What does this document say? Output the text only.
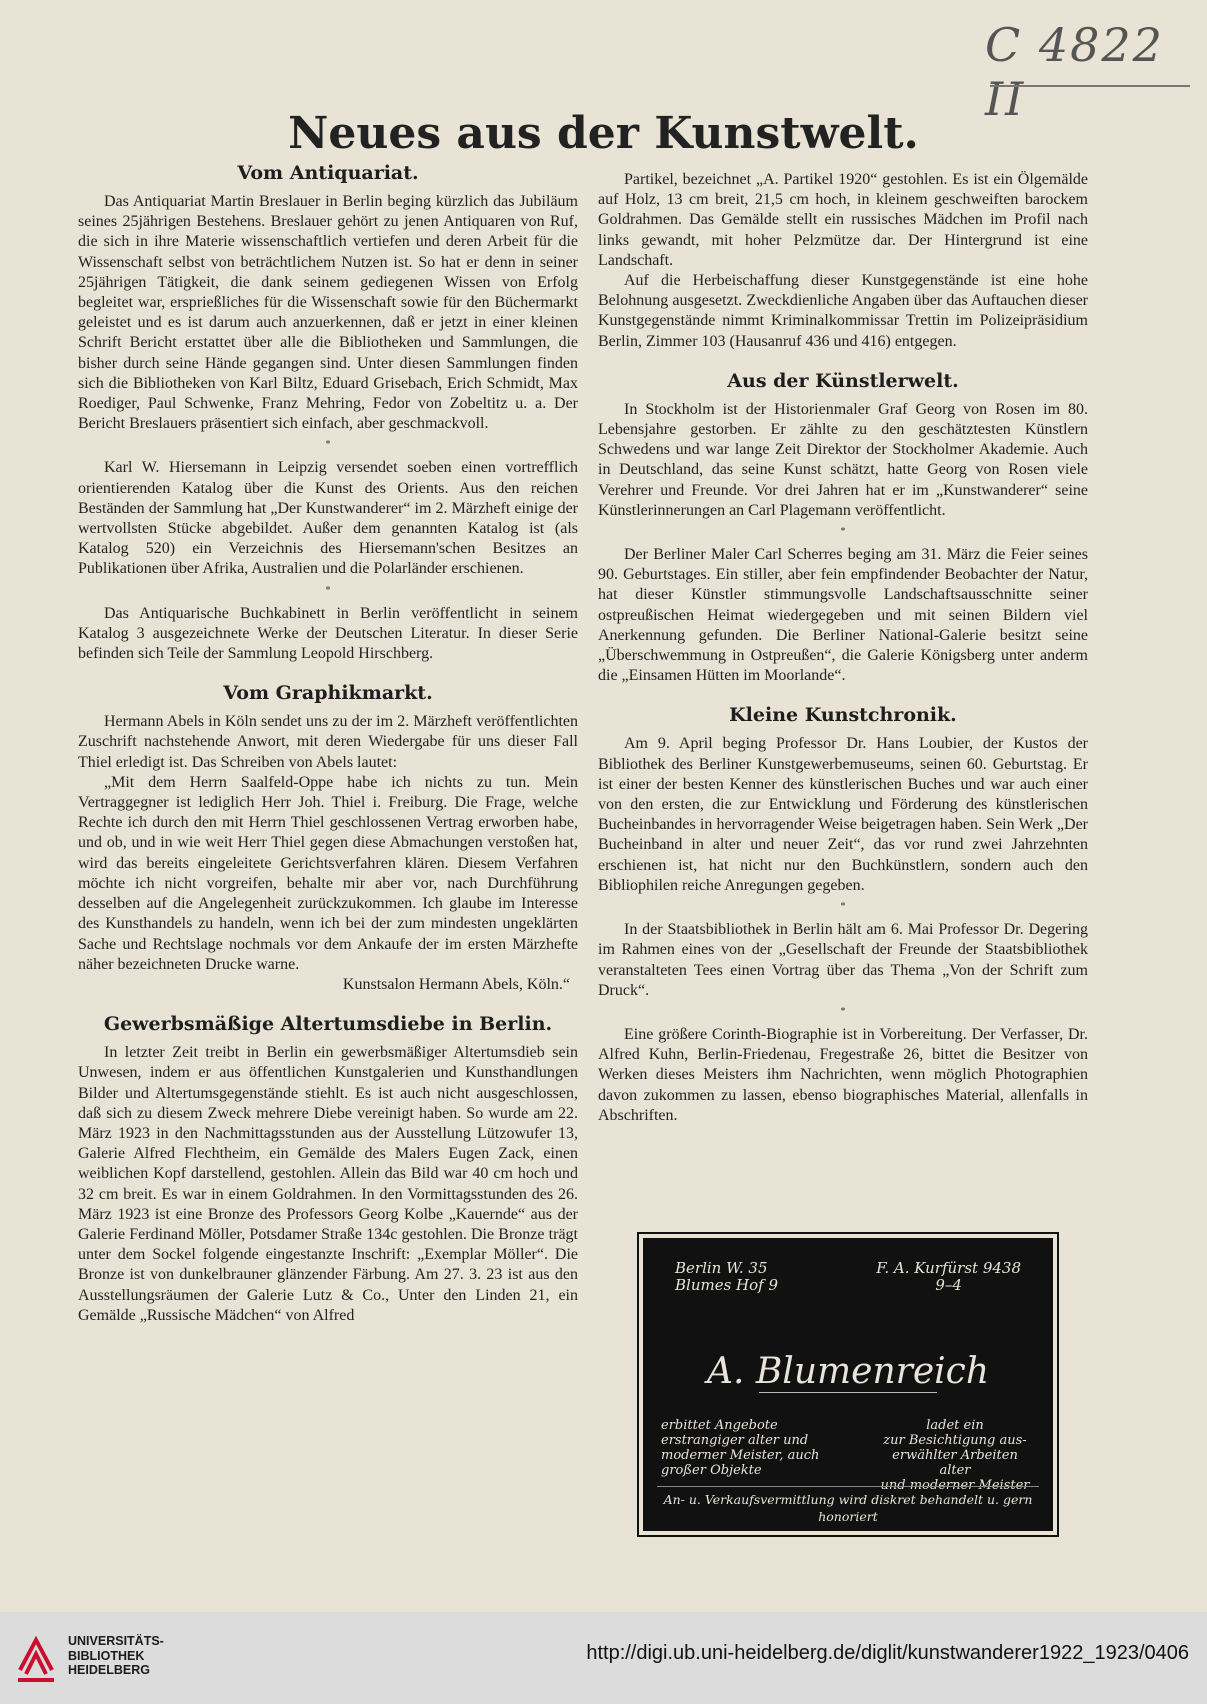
C 4822 II
Neues aus der Kunstwelt.
Vom Antiquariat.

Das Antiquariat Martin Breslauer in Berlin beging kürzlich das Jubiläum seines 25jährigen Bestehens. Breslauer gehört zu jenen Antiquaren von Ruf, die sich in ihre Materie wissenschaftlich vertiefen und deren Arbeit für die Wissenschaft selbst von beträchtlichem Nutzen ist. So hat er denn in seiner 25jährigen Tätigkeit, die dank seinem gediegenen Wissen von Erfolg begleitet war, ersprießliches für die Wissenschaft sowie für den Büchermarkt geleistet und es ist darum auch anzuerkennen, daß er jetzt in einer kleinen Schrift Bericht erstattet über alle die Bibliotheken und Sammlungen, die bisher durch seine Hände gegangen sind. Unter diesen Sammlungen finden sich die Bibliotheken von Karl Biltz, Eduard Grisebach, Erich Schmidt, Max Roediger, Paul Schwenke, Franz Mehring, Fedor von Zobeltitz u. a. Der Bericht Breslauers präsentiert sich einfach, aber geschmackvoll.

*

Karl W. Hiersemann in Leipzig versendet soeben einen vortrefflich orientierenden Katalog über die Kunst des Orients. Aus den reichen Beständen der Sammlung hat „Der Kunstwanderer“ im 2. Märzheft einige der wertvollsten Stücke abgebildet. Außer dem genannten Katalog ist (als Katalog 520) ein Verzeichnis des Hiersemann'schen Besitzes an Publikationen über Afrika, Australien und die Polarländer erschienen.

*

Das Antiquarische Buchkabinett in Berlin veröffentlicht in seinem Katalog 3 ausgezeichnete Werke der Deutschen Literatur. In dieser Serie befinden sich Teile der Sammlung Leopold Hirschberg.

Vom Graphikmarkt.

Hermann Abels in Köln sendet uns zu der im 2. Märzheft veröffentlichten Zuschrift nachstehende Anwort, mit deren Wiedergabe für uns dieser Fall Thiel erledigt ist. Das Schreiben von Abels lautet:

„Mit dem Herrn Saalfeld-Oppe habe ich nichts zu tun. Mein Vertraggegner ist lediglich Herr Joh. Thiel i. Freiburg. Die Frage, welche Rechte ich durch den mit Herrn Thiel geschlossenen Vertrag erworben habe, und ob, und in wie weit Herr Thiel gegen diese Abmachungen verstoßen hat, wird das bereits eingeleitete Gerichtsverfahren klären. Diesem Verfahren möchte ich nicht vorgreifen, behalte mir aber vor, nach Durchführung desselben auf die Angelegenheit zurückzukommen. Ich glaube im Interesse des Kunsthandels zu handeln, wenn ich bei der zum mindesten ungeklärten Sache und Rechtslage nochmals vor dem Ankaufe der im ersten Märzhefte näher bezeichneten Drucke warne.

Kunstsalon Hermann Abels, Köln.“

Gewerbsmäßige Altertumsdiebe in Berlin.

In letzter Zeit treibt in Berlin ein gewerbsmäßiger Altertumsdieb sein Unwesen, indem er aus öffentlichen Kunstgalerien und Kunsthandlungen Bilder und Altertumsgegenstände stiehlt. Es ist auch nicht ausgeschlossen, daß sich zu diesem Zweck mehrere Diebe vereinigt haben. So wurde am 22. März 1923 in den Nachmittagsstunden aus der Ausstellung Lützowufer 13, Galerie Alfred Flechtheim, ein Gemälde des Malers Eugen Zack, einen weiblichen Kopf darstellend, gestohlen. Allein das Bild war 40 cm hoch und 32 cm breit. Es war in einem Goldrahmen. In den Vormittagsstunden des 26. März 1923 ist eine Bronze des Professors Georg Kolbe „Kauernde“ aus der Galerie Ferdinand Möller, Potsdamer Straße 134c gestohlen. Die Bronze trägt unter dem Sockel folgende eingestanzte Inschrift: „Exemplar Möller“. Die Bronze ist von dunkelbrauner glänzender Färbung. Am 27. 3. 23 ist aus den Ausstellungsräumen der Galerie Lutz & Co., Unter den Linden 21, ein Gemälde „Russische Mädchen“ von Alfred

Partikel, bezeichnet „A. Partikel 1920“ gestohlen. Es ist ein Ölgemälde auf Holz, 13 cm breit, 21,5 cm hoch, in kleinem geschweiften barockem Goldrahmen. Das Gemälde stellt ein russisches Mädchen im Profil nach links gewandt, mit hoher Pelzmütze dar. Der Hintergrund ist eine Landschaft.

Auf die Herbeischaffung dieser Kunstgegenstände ist eine hohe Belohnung ausgesetzt. Zweckdienliche Angaben über das Auftauchen dieser Kunstgegenstände nimmt Kriminalkommissar Trettin im Polizeipräsidium Berlin, Zimmer 103 (Hausanruf 436 und 416) entgegen.

Aus der Künstlerwelt.

In Stockholm ist der Historienmaler Graf Georg von Rosen im 80. Lebensjahre gestorben. Er zählte zu den geschätztesten Künstlern Schwedens und war lange Zeit Direktor der Stockholmer Akademie. Auch in Deutschland, das seine Kunst schätzt, hatte Georg von Rosen viele Verehrer und Freunde. Vor drei Jahren hat er im „Kunstwanderer“ seine Künstlerinnerungen an Carl Plagemann veröffentlicht.

*

Der Berliner Maler Carl Scherres beging am 31. März die Feier seines 90. Geburtstages. Ein stiller, aber fein empfindender Beobachter der Natur, hat dieser Künstler stimmungsvolle Landschaftsausschnitte seiner ostpreußischen Heimat wiedergegeben und mit seinen Bildern viel Anerkennung gefunden. Die Berliner National-Galerie besitzt seine „Überschwemmung in Ostpreußen“, die Galerie Königsberg unter anderm die „Einsamen Hütten im Moorlande“.

Kleine Kunstchronik.

Am 9. April beging Professor Dr. Hans Loubier, der Kustos der Bibliothek des Berliner Kunstgewerbemuseums, seinen 60. Geburtstag. Er ist einer der besten Kenner des künstlerischen Buches und war auch einer von den ersten, die zur Entwicklung und Förderung des künstlerischen Bucheinbandes in hervorragender Weise beigetragen haben. Sein Werk „Der Bucheinband in alter und neuer Zeit“, das vor rund zwei Jahrzehnten erschienen ist, hat nicht nur den Buchkünstlern, sondern auch den Bibliophilen reiche Anregungen gegeben.

*

In der Staatsbibliothek in Berlin hält am 6. Mai Professor Dr. Degering im Rahmen eines von der „Gesellschaft der Freunde der Staatsbibliothek veranstalteten Tees einen Vortrag über das Thema „Von der Schrift zum Druck“.

*

Eine größere Corinth-Biographie ist in Vorbereitung. Der Verfasser, Dr. Alfred Kuhn, Berlin-Friedenau, Fregestraße 26, bittet die Besitzer von Werken dieses Meisters ihm Nachrichten, wenn möglich Photographien davon zukommen zu lassen, ebenso biographisches Material, allenfalls in Abschriften.

Berlin W. 35
Blumes Hof 9
F. A. Kurfürst 9438
9–4
A. Blumenreich
erbittet Angebote
erstrangiger alter und
moderner Meister, auch
großer Objekte
ladet ein
zur Besichtigung aus-
erwählter Arbeiten alter
und moderner Meister
An- u. Verkaufsvermittlung wird diskret behandelt u. gern honoriert
UNIVERSITÄTS-
BIBLIOTHEK
HEIDELBERG
http://digi.ub.uni-heidelberg.de/diglit/kunstwanderer1922_1923/0406
